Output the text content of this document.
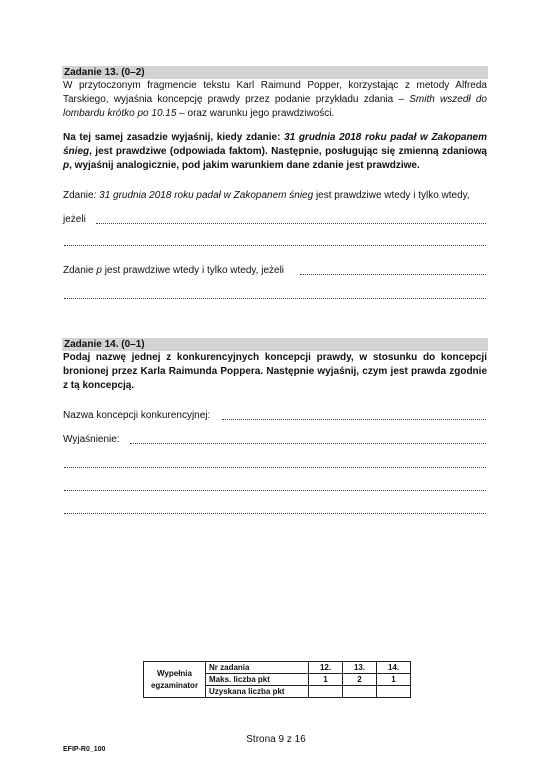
Zadanie 13. (0–2)

W przytoczonym fragmencie tekstu Karl Raimund Popper, korzystając z metody Alfreda Tarskiego, wyjaśnia koncepcję prawdy przez podanie przykładu zdania – Smith wszedł do lombardu krótko po 10.15 – oraz warunku jego prawdziwości.

Na tej samej zasadzie wyjaśnij, kiedy zdanie: 31 grudnia 2018 roku padał w Zakopanem śnieg, jest prawdziwe (odpowiada faktom). Następnie, posługując się zmienną zdaniową p, wyjaśnij analogicznie, pod jakim warunkiem dane zdanie jest prawdziwe.

Zdanie: 31 grudnia 2018 roku padał w Zakopanem śnieg jest prawdziwe wtedy i tylko wtedy,
jeżeli
Zdanie p jest prawdziwe wtedy i tylko wtedy, jeżeli
Zadanie 14. (0–1)

Podaj nazwę jednej z konkurencyjnych koncepcji prawdy, w stosunku do koncepcji bronionej przez Karla Raimunda Poppera. Następnie wyjaśnij, czym jest prawda zgodnie z tą koncepcją.

Nazwa koncepcji konkurencyjnej:
Wyjaśnienie:
Wypełnia
egzaminator	Nr zadania	12.	13.	14.
	Maks. liczba pkt	1	2	1
	Uzyskana liczba pkt			
Strona 9 z 16
EFIP-R0_100
